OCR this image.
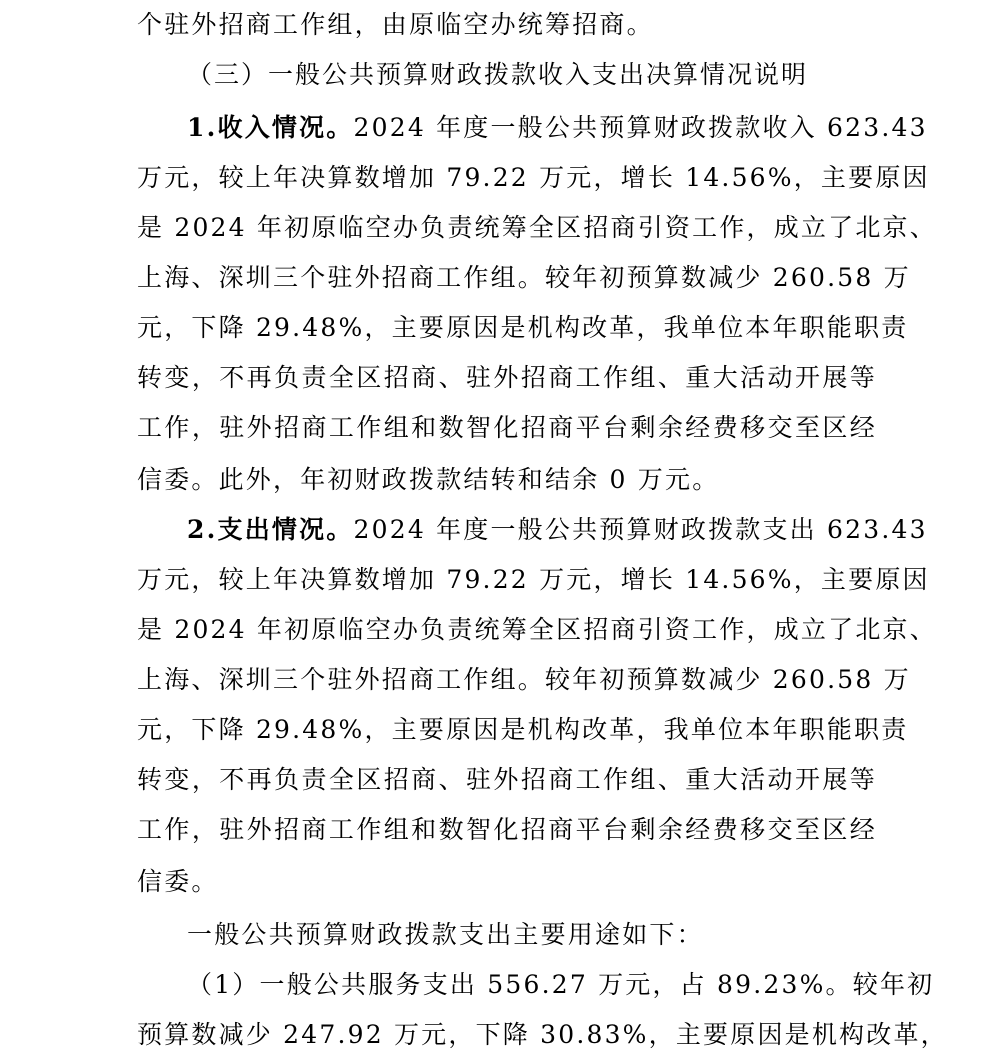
个驻外招商工作组，由原临空办统筹招商。
（三）一般公共预算财政拨款收入支出决算情况说明
1.收入情况。2024 年度一般公共预算财政拨款收入 623.43
万元，较上年决算数增加 79.22 万元，增长 14.56%，主要原因
是 2024 年初原临空办负责统筹全区招商引资工作，成立了北京、
上海、深圳三个驻外招商工作组。较年初预算数减少 260.58 万
元，下降 29.48%，主要原因是机构改革，我单位本年职能职责
转变，不再负责全区招商、驻外招商工作组、重大活动开展等
工作，驻外招商工作组和数智化招商平台剩余经费移交至区经
信委。此外，年初财政拨款结转和结余 0 万元。
2.支出情况。2024 年度一般公共预算财政拨款支出 623.43
万元，较上年决算数增加 79.22 万元，增长 14.56%，主要原因
是 2024 年初原临空办负责统筹全区招商引资工作，成立了北京、
上海、深圳三个驻外招商工作组。较年初预算数减少 260.58 万
元，下降 29.48%，主要原因是机构改革，我单位本年职能职责
转变，不再负责全区招商、驻外招商工作组、重大活动开展等
工作，驻外招商工作组和数智化招商平台剩余经费移交至区经
信委。
一般公共预算财政拨款支出主要用途如下：
（1）一般公共服务支出 556.27 万元，占 89.23%。较年初
预算数减少 247.92 万元，下降 30.83%，主要原因是机构改革，
